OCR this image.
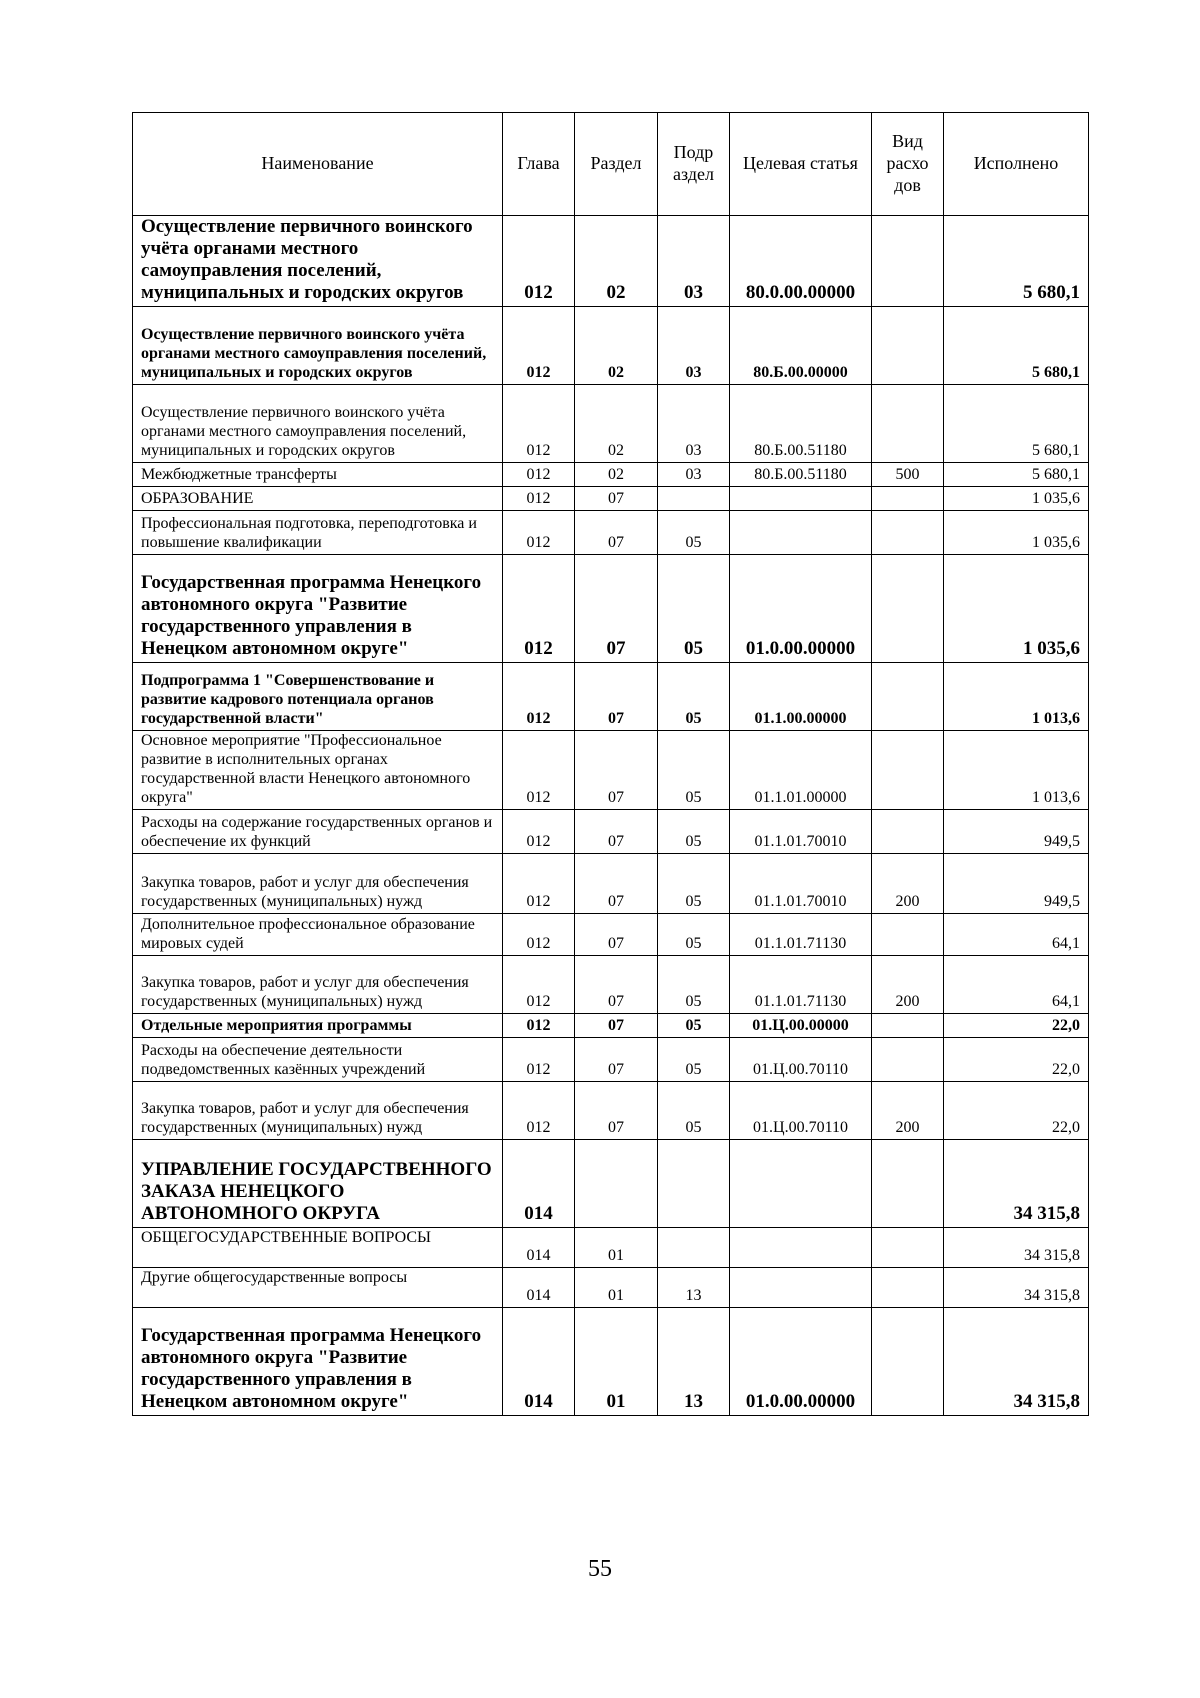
Наименование	Глава	Раздел	Подр аздел	Целевая статья	Вид расхо дов	Исполнено
Осуществление первичного воинского учёта органами местного самоуправления поселений, муниципальных и городских округов	012	02	03	80.0.00.00000		5 680,1
Осуществление первичного воинского учёта органами местного самоуправления поселений, муниципальных и городских округов	012	02	03	80.Б.00.00000		5 680,1
Осуществление первичного воинского учёта органами местного самоуправления поселений, муниципальных и городских округов	012	02	03	80.Б.00.51180		5 680,1
Межбюджетные трансферты	012	02	03	80.Б.00.51180	500	5 680,1
ОБРАЗОВАНИЕ	012	07				1 035,6
Профессиональная подготовка, переподготовка и повышение квалификации	012	07	05			1 035,6
Государственная программа Ненецкого автономного округа "Развитие государственного управления в Ненецком автономном округе"	012	07	05	01.0.00.00000		1 035,6
Подпрограмма 1 "Совершенствование и развитие кадрового потенциала органов государственной власти"	012	07	05	01.1.00.00000		1 013,6
Основное мероприятие "Профессиональное развитие в исполнительных органах государственной власти Ненецкого автономного округа"	012	07	05	01.1.01.00000		1 013,6
Расходы на содержание государственных органов и обеспечение их функций	012	07	05	01.1.01.70010		949,5
Закупка товаров, работ и услуг для обеспечения государственных (муниципальных) нужд	012	07	05	01.1.01.70010	200	949,5
Дополнительное профессиональное образование мировых судей	012	07	05	01.1.01.71130		64,1
Закупка товаров, работ и услуг для обеспечения государственных (муниципальных) нужд	012	07	05	01.1.01.71130	200	64,1
Отдельные мероприятия программы	012	07	05	01.Ц.00.00000		22,0
Расходы на обеспечение деятельности подведомственных казённых учреждений	012	07	05	01.Ц.00.70110		22,0
Закупка товаров, работ и услуг для обеспечения государственных (муниципальных) нужд	012	07	05	01.Ц.00.70110	200	22,0
УПРАВЛЕНИЕ ГОСУДАРСТВЕННОГО ЗАКАЗА НЕНЕЦКОГО АВТОНОМНОГО ОКРУГА	014					34 315,8
ОБЩЕГОСУДАРСТВЕННЫЕ ВОПРОСЫ	014	01				34 315,8
Другие общегосударственные вопросы	014	01	13			34 315,8
Государственная программа Ненецкого автономного округа "Развитие государственного управления в Ненецком автономном округе"	014	01	13	01.0.00.00000		34 315,8
55
